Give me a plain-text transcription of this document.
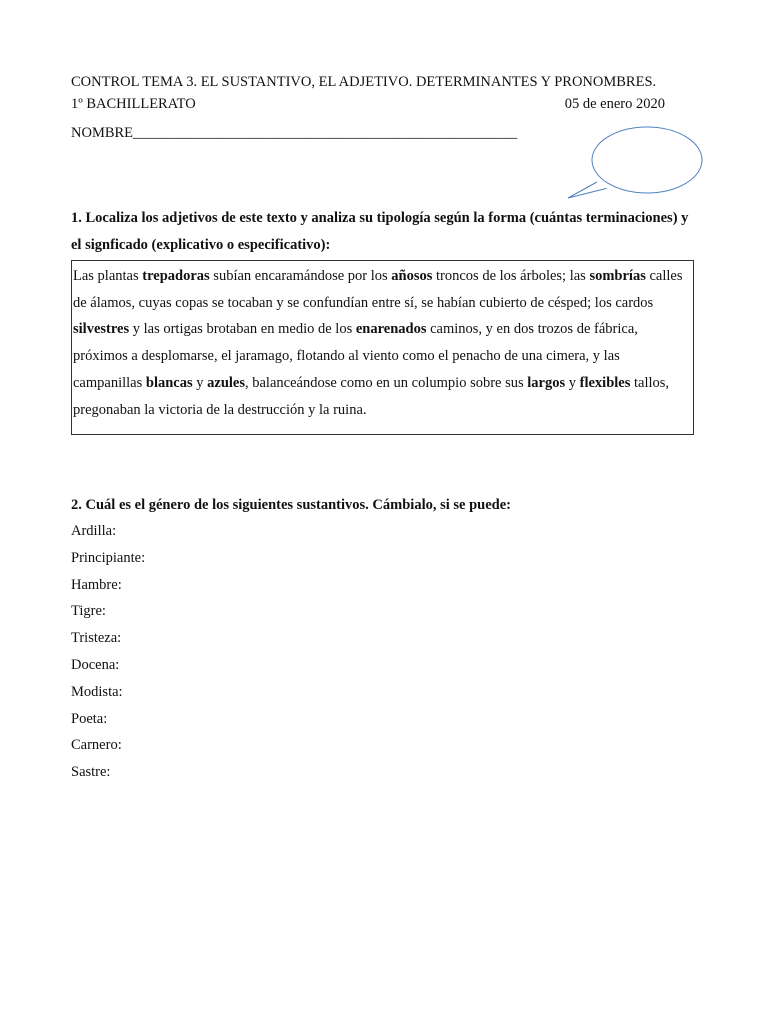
CONTROL TEMA 3. EL SUSTANTIVO, EL ADJETIVO. DETERMINANTES Y PRONOMBRES.
1º BACHILLERATO	05 de enero 2020
NOMBRE_____________________________________________________
1. Localiza los adjetivos de este texto y analiza su tipología según la forma (cuántas terminaciones) y el signficado (explicativo o especificativo):
Las plantas trepadoras subían encaramándose por los añosos troncos de los árboles; las sombrías calles de álamos, cuyas copas se tocaban y se confundían entre sí, se habían cubierto de césped; los cardos silvestres y las ortigas brotaban en medio de los enarenados caminos, y en dos trozos de fábrica, próximos a desplomarse, el jaramago, flotando al viento como el penacho de una cimera, y las campanillas blancas y azules, balanceándose como en un columpio sobre sus largos y flexibles tallos, pregonaban la victoria de la destrucción y la ruina.
2. Cuál es el género de los siguientes sustantivos. Cámbialo, si se puede:
Ardilla:
Principiante:
Hambre:
Tigre:
Tristeza:
Docena:
Modista:
Poeta:
Carnero:
Sastre:
